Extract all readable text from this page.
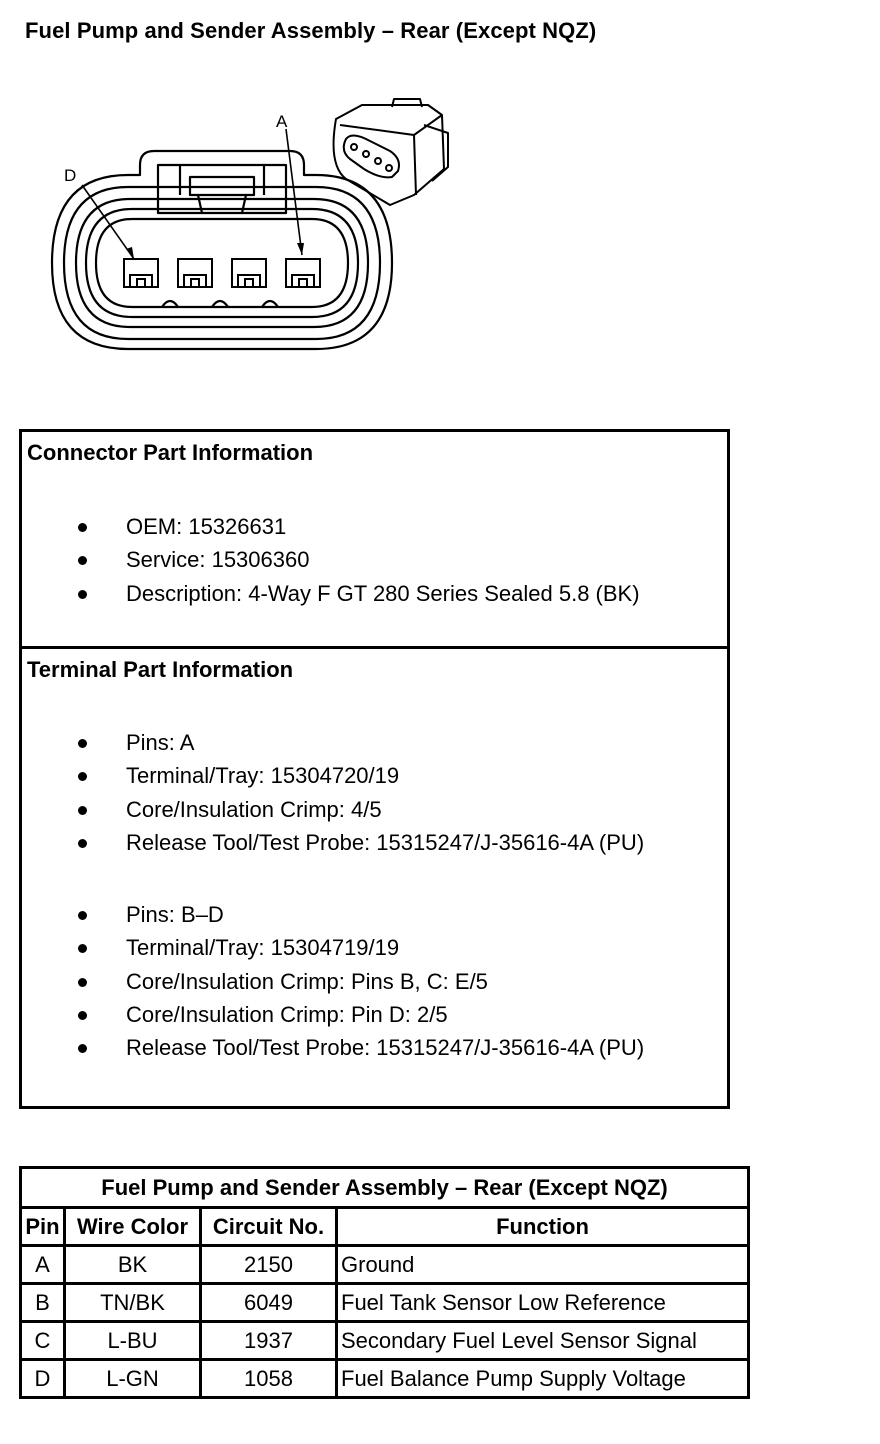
Fuel Pump and Sender Assembly – Rear (Except NQZ)
D
A
Connector Part Information
OEM: 15326631
Service: 15306360
Description: 4-Way F GT 280 Series Sealed 5.8 (BK)
Terminal Part Information
Pins: A
Terminal/Tray: 15304720/19
Core/Insulation Crimp: 4/5
Release Tool/Test Probe: 15315247/J-35616-4A (PU)
Pins: B–D
Terminal/Tray: 15304719/19
Core/Insulation Crimp: Pins B, C: E/5
Core/Insulation Crimp: Pin D: 2/5
Release Tool/Test Probe: 15315247/J-35616-4A (PU)
Fuel Pump and Sender Assembly – Rear (Except NQZ)			
Pin	Wire Color	Circuit No.	Function
A	BK	2150	Ground
B	TN/BK	6049	Fuel Tank Sensor Low Reference
C	L-BU	1937	Secondary Fuel Level Sensor Signal
D	L-GN	1058	Fuel Balance Pump Supply Voltage
